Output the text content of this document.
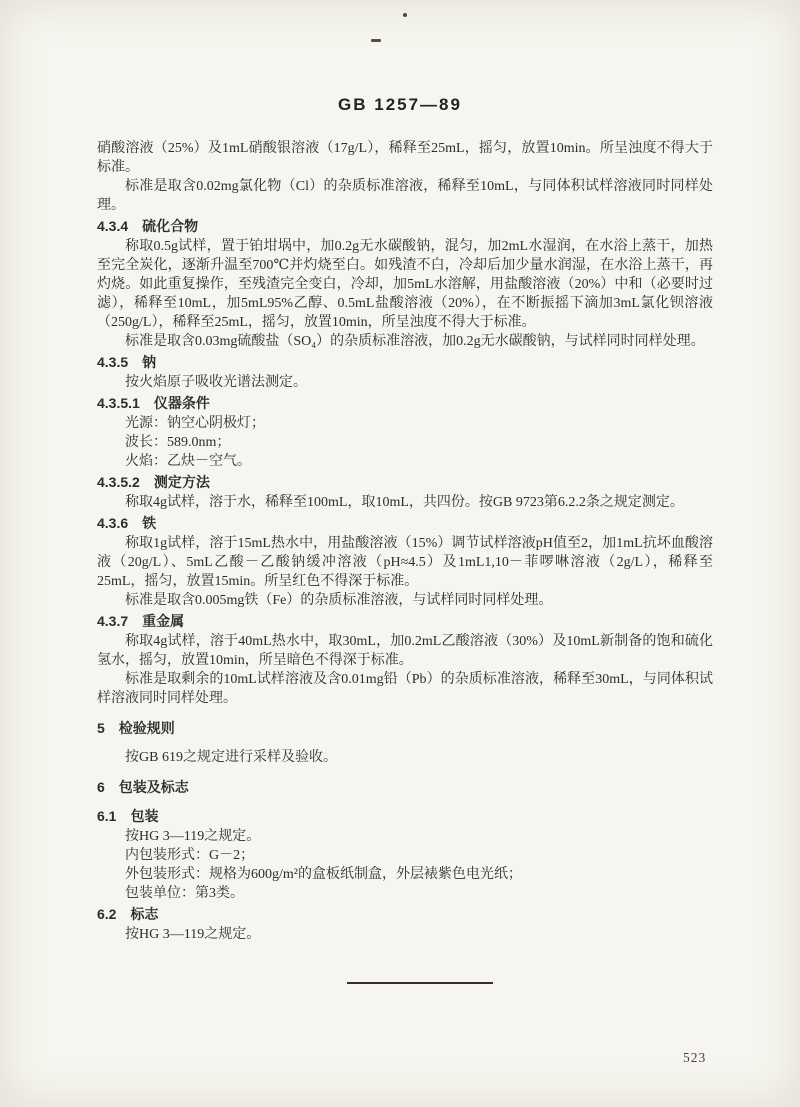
GB 1257—89

硝酸溶液（25%）及1mL硝酸银溶液（17g/L），稀释至25mL，摇匀，放置10min。所呈浊度不得大于标准。

标准是取含0.02mg氯化物（Cl）的杂质标准溶液，稀释至10mL，与同体积试样溶液同时同样处理。

4.3.4　硫化合物

称取0.5g试样，置于铂坩埚中，加0.2g无水碳酸钠，混匀，加2mL水湿润，在水浴上蒸干，加热至完全炭化，逐渐升温至700℃并灼烧至白。如残渣不白，冷却后加少量水润湿，在水浴上蒸干，再灼烧。如此重复操作，至残渣完全变白，冷却，加5mL水溶解，用盐酸溶液（20%）中和（必要时过滤），稀释至10mL，加5mL95%乙醇、0.5mL盐酸溶液（20%），在不断振摇下滴加3mL氯化钡溶液（250g/L），稀释至25mL，摇匀，放置10min，所呈浊度不得大于标准。

标准是取含0.03mg硫酸盐（SO₄）的杂质标准溶液，加0.2g无水碳酸钠，与试样同时同样处理。

4.3.5　钠

按火焰原子吸收光谱法测定。

4.3.5.1　仪器条件

光源：钠空心阴极灯；

波长：589.0nm；

火焰：乙炔－空气。

4.3.5.2　测定方法

称取4g试样，溶于水，稀释至100mL，取10mL，共四份。按GB 9723第6.2.2条之规定测定。

4.3.6　铁

称取1g试样，溶于15mL热水中，用盐酸溶液（15%）调节试样溶液pH值至2，加1mL抗坏血酸溶液（20g/L）、5mL乙酸－乙酸钠缓冲溶液（pH≈4.5）及1mL1,10－菲啰啉溶液（2g/L），稀释至25mL，摇匀，放置15min。所呈红色不得深于标准。

标准是取含0.005mg铁（Fe）的杂质标准溶液，与试样同时同样处理。

4.3.7　重金属

称取4g试样，溶于40mL热水中，取30mL，加0.2mL乙酸溶液（30%）及10mL新制备的饱和硫化氢水，摇匀，放置10min，所呈暗色不得深于标准。

标准是取剩余的10mL试样溶液及含0.01mg铅（Pb）的杂质标准溶液，稀释至30mL，与同体积试样溶液同时同样处理。

5　检验规则

按GB 619之规定进行采样及验收。

6　包装及标志

6.1　包装

按HG 3—119之规定。

内包装形式：G－2；

外包装形式：规格为600g/m²的盒板纸制盒，外层裱紫色电光纸；

包装单位：第3类。

6.2　标志

按HG 3—119之规定。

523
